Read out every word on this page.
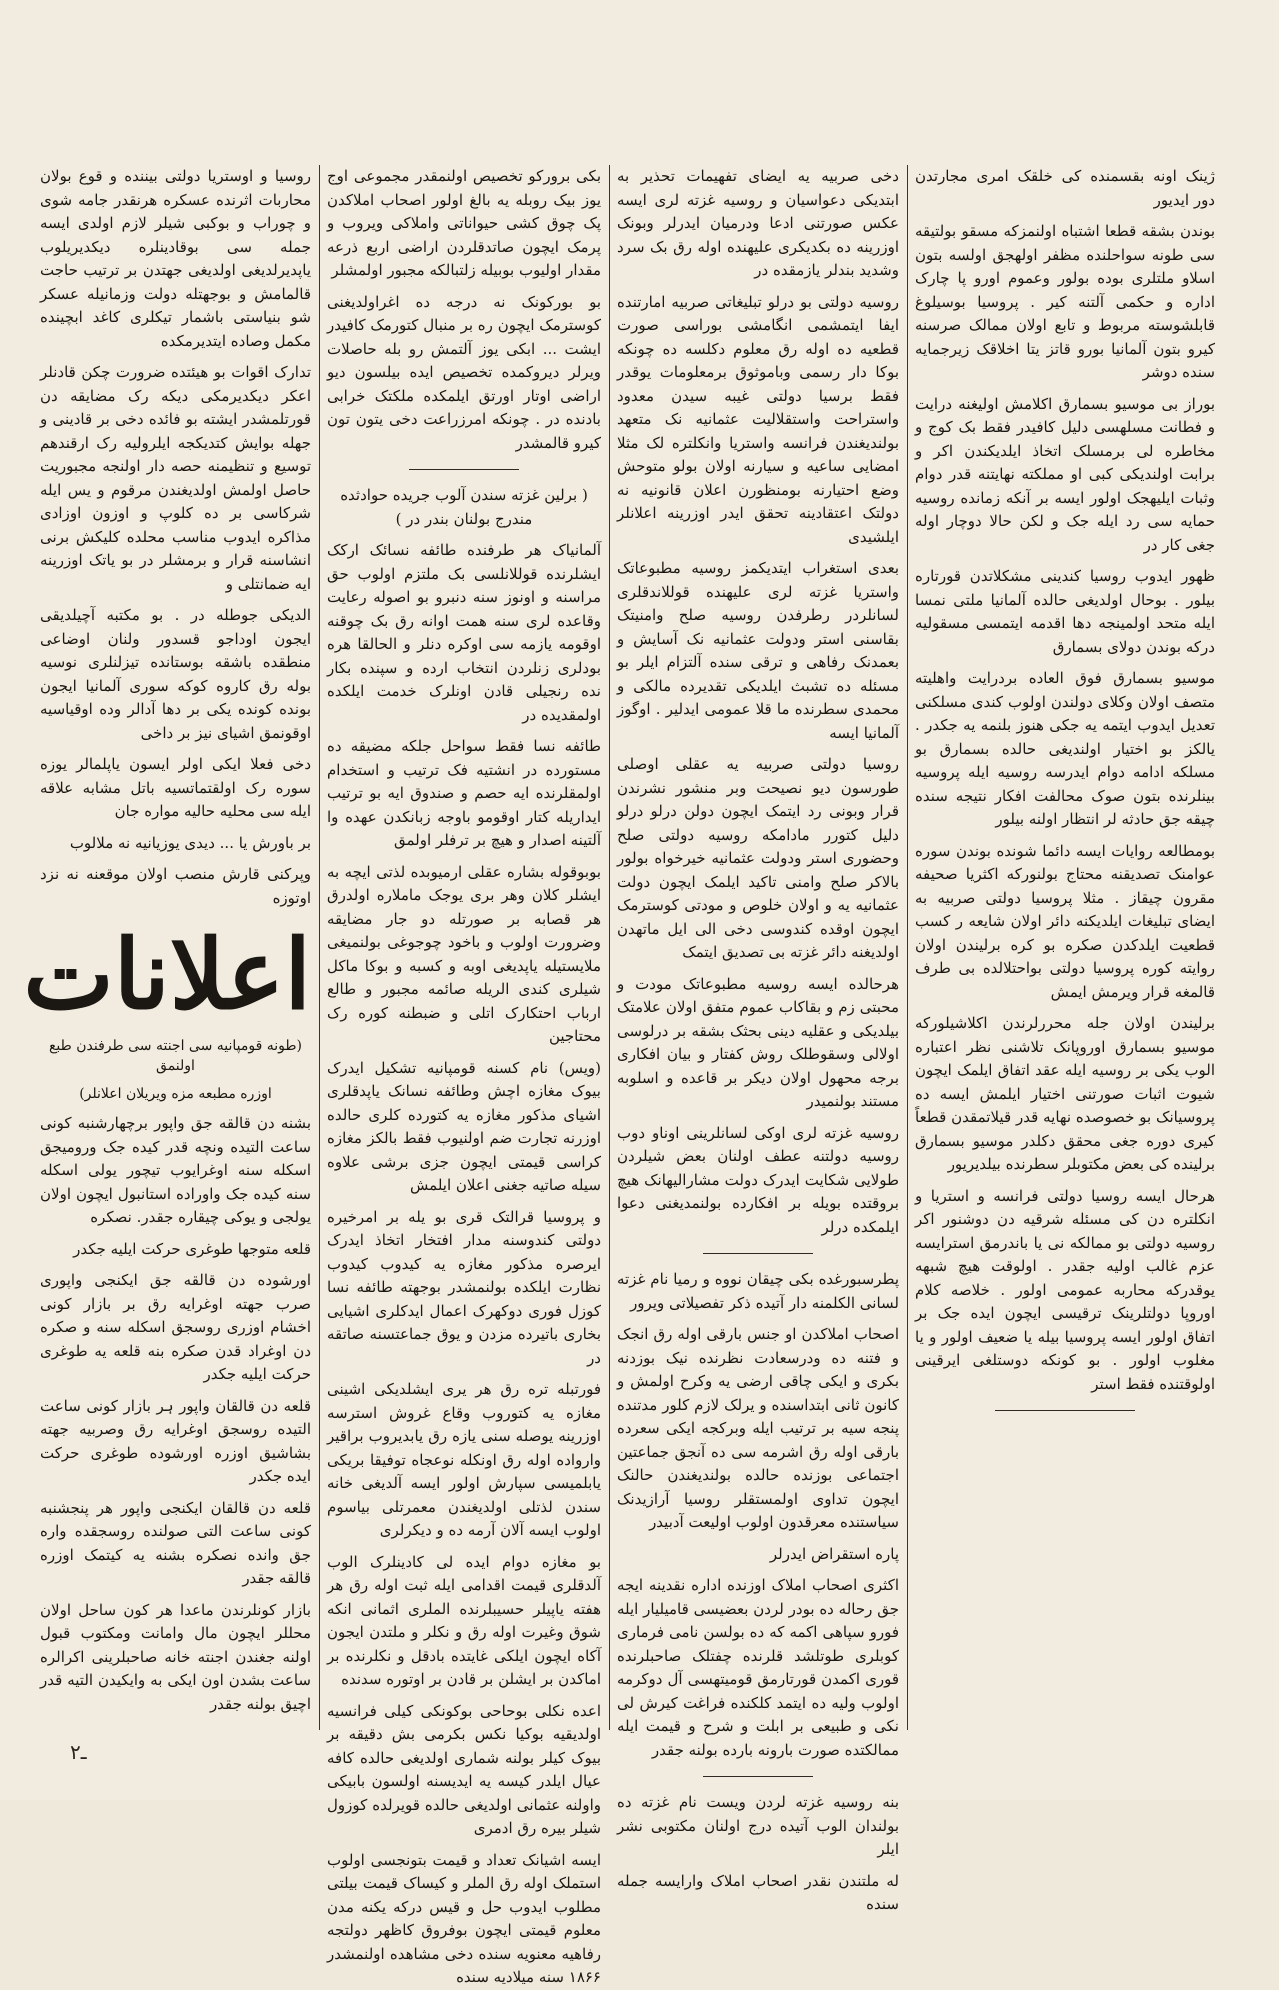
ژینک اونه بقسمنده کی خلقک امری مجارتدن دور ایدیور

بوندن بشقه قطعا اشتباه اولنمزکه مسقو بولتیقه سی طونه سواحلنده مظفر اولهجق اولسه بتون اسلاو ملتلری بوده بولور وعموم اورو پا چارک اداره و حکمی آلتنه کیر . پروسیا بوسیلوغ قابلشوسته مربوط و تابع اولان ممالک صرسنه کیرو بتون آلمانیا بورو قاتز یتا اخلاقک زیرجمایه سنده دوشر

بوراز بی موسیو بسمارق اکلامش اولیغنه درایت و فطانت مسلهسی دلیل کافیدر فقط بک کوج و مخاطره لی برمسلک اتخاذ ایلدیکندن اکر و برابت اولندیکی کبی او مملکته نهایتنه قدر دوام وثبات ایلیهجک اولور ایسه بر آنکه زمانده روسیه حمایه سی رد ایله جک و لکن حالا دوچار اوله جغی کار در

ظهور ایدوب روسیا کندینی مشکلاتدن قورتاره بیلور . بوحال اولدیغی حالده آلمانیا ملتی نمسا ایله متحد اولمینجه دها اقدمه ایتمسی مسقولیه درکه بوندن دولای بسمارق

موسیو بسمارق فوق العاده بردرایت واهلیته متصف اولان وکلای دولندن اولوب کندی مسلکنی تعدیل ایدوب ایتمه یه جکی هنوز بلنمه یه جکدر . یالکز بو اختیار اولندیغی حالده بسمارق بو مسلکه ادامه دوام ایدرسه روسیه ایله پروسیه بینلرنده بتون صوک محالفت افکار نتیجه سنده چیقه جق حادثه لر انتظار اولنه بیلور

بومطالعه روایات ایسه دائما شونده بوندن سوره عوامنک تصدیقنه محتاج بولنورکه اکثریا صحیفه مقرون چیقاز . مثلا پروسیا دولتی صربیه به ایضای تبلیغات ایلدیکنه دائر اولان شایعه ر کسب قطعیت ایلدکدن صکره بو کره برلیندن اولان روایته کوره پروسیا دولتی بواحتلالده بی طرف قالمغه قرار ویرمش ایمش

برلیندن اولان جله محررلرندن اکلاشیلورکه موسیو بسمارق اوروپانک تلاشنی نظر اعتباره الوب یکی بر روسیه ایله عقد اتفاق ایلمک ایچون شیوت اثبات صورتنی اختیار ایلمش ایسه ده پروسیانک بو خصوصده نهایه قدر قیلاتمقدن قطعاً کیری دوره جغی محقق دکلدر موسیو بسمارق برلینده کی بعض مکتوبلر سطرنده بیلدیریور

هرحال ایسه روسیا دولتی فرانسه و استریا و انکلتره دن کی مسئله شرقیه دن دوشنور اکر روسیه دولتی بو ممالکه نی یا باندرمق استرایسه عزم غالب اولیه جقدر . اولوقت هیچ شبهه یوقدرکه محاربه عمومی اولور . خلاصه کلام اوروپا دولتلرینک ترقیسی ایچون ایده جک بر اتفاق اولور ایسه پروسیا بیله یا ضعیف اولور و یا مغلوب اولور . بو کونکه دوستلغی ایرقینی اولوقتنده فقط استر

دخی صربیه یه ایضای تفهیمات تحذیر به ابتدیکی دعواسیان و روسیه غزته لری ایسه عکس صورتنی ادعا ودرمیان ایدرلر وبونک اوزرینه ده بکدیکری علیهنده اوله رق بک سرد وشدید بندلر یازمقده در

روسیه دولتی بو درلو تبلیغاتی صربیه امارتنده ایفا ایتمشمی انگامشی بوراسی صورت قطعیه ده اوله رق معلوم دکلسه ده چونکه بوکا دار رسمی وباموثوق برمعلومات یوقدر فقط برسیا دولتی غیبه سیدن معدود واستراحت واستقلالیت عثمانیه نک متعهد بولندیغندن فرانسه واستریا وانکلتره لک مثلا امضایی ساعیه و سیارنه اولان بولو متوحش وضع احتیارنه بومنظورن اعلان قانونیه نه دولتک اعتقادینه تحقق ایدر اوزرینه اعلانلر ایلشیدی

بعدی استغراب ایتدیکمز روسیه مطبوعاتک واستریا غزته لری علیهنده قوللاندقلری لسانلردر رطرفدن روسیه صلح وامنیتک بقاسنی استر ودولت عثمانیه نک آسایش و بعمدنک رفاهی و ترقی سنده آلتزام ایلر بو مسئله ده تشبث ایلدیکی تقدیرده مالکی و محمدی سطرنده ما قلا عمومی ایدلیر . اوگوز آلمانیا ایسه

روسیا دولتی صربیه یه عقلی اوصلی طورسون دیو نصیحت وبر منشور نشرندن قرار وبونی رد ایتمک ایچون دولن درلو درلو دلیل کتورر مادامکه روسیه دولتی صلح وحضوری استر ودولت عثمانیه خیرخواه بولور بالاکر صلح وامنی تاکید ایلمک ایچون دولت عثمانیه یه و اولان خلوص و مودتی کوسترمک ایچون اوقده کندوسی دخی الی ایل ماتهدن اولدیغنه دائر غزته بی تصدیق ایتمک

هرحالده ایسه روسیه مطبوعاتک مودت و محبتی زم و بقاکاب عموم متفق اولان علامتک بیلدیکی و عقلیه دینی بحثک بشقه بر درلوسی اولالی وسقوطلک روش کفتار و بیان افکاری برجه محهول اولان دیکر بر قاعده و اسلوبه مستند بولنمیدر

روسیه غزته لری اوکی لسانلرینی اوناو دوب روسیه دولتنه عطف اولنان بعض شیلردن طولایی شکایت ایدرک دولت مشارالیهانک هیچ بروقتده بویله بر افکارده بولنمدیغنی دعوا ایلمکده درلر

پطرسبورغده بکی چیقان نووه و رمیا نام غزته لسانی الکلمنه دار آتیده ذکر تفصیلاتی ویرور

اصحاب املاکدن او جنس بارقی اوله رق انجک و فتنه ده ودرسعادت نظرنده نیک بوزدنه بکری و ایکی چاقی ارضی یه وکرح اولمش و کانون ثانی ابتداسنده و یرلک لازم کلور مدتنده پنجه سیه بر ترتیب ایله وبرکجه ایکی سعرده بارقی اوله رق اشرمه سی ده آنجق جماعتین اجتماعی بوزنده حالده بولندیغندن حالنک ایچون تداوی اولمستقلر روسیا آرازیدنک سیاستنده معرقدون اولوب اولیعت آدبیدر

پاره استقراض ایدرلر

اکثری اصحاب املاک اوزنده اداره نقدینه ایجه جق رحاله ده بودر لردن بعضیسی قامیلیار ایله فورو سپاهی اکمه که ده بولسن نامی فرماری کوبلری طوتلشد قلرنده چفتلک صاحبلرنده قوری اکمدن قورتارمق قومیتهسی آل دوکرمه اولوب ولیه ده ایتمد کلکنده فراغت کیرش لی نکی و طبیعی بر ابلت و شرح و قیمت ایله ممالکتده صورت بارونه بارده بولنه جقدر

بنه روسیه غزته لردن ویست نام غزته ده بولندان الوب آتیده درج اولنان مکتوبی نشر ایلر

له ملتندن نقدر اصحاب املاک وارایسه جمله سنده

بکی برورکو تخصیص اولنمقدر مجموعی اوج یوز بیک روبله یه بالغ اولور اصحاب املاکدن پک چوق کشی حیواناتی واملاکی ویروب و پرمک ایچون صاتدقلردن اراضی اربع ذرعه مقدار اولیوب بوبیله زلتبالکه مجبور اولمشلر

بو بورکونک نه درجه ده اغراولدیغنی کوسترمک ایچون ره بر منبال کتورمک کافیدر ایشت ... ابکی یوز آلتمش رو بله حاصلات ویرلر دیروکمده تخصیص ایده بیلسون دیو اراضی اوتار اورتق ایلمکده ملکتک خرابی بادنده در . چونکه امرزراعت دخی یتون تون کیرو قالمشدر

( برلین غزته سندن آلوب جریده حوادثده مندرج بولنان بندر در )

آلمانیاک هر طرفنده طائفه نسائک ارکک ایشلرنده قوللانلسی بک ملتزم اولوب حق مراسنه و اونوز سنه دنبرو بو اصوله رعایت وقاعده لری سنه همت اوانه رق بک چوقنه اوقومه یازمه سی اوکره دنلر و الحالقا هره بودلری زنلردن انتخاب ارده و سپنده بکار نده رنجیلی قادن اونلرک خدمت ایلکده اولمقدیده در

طائفه نسا فقط سواحل جلکه مضیقه ده مستورده در انشتیه فک ترتیب و استخدام اولمقلرنده ایه حصم و صندوق ایه بو ترتیب ایداریله کتار اوقومو باوجه زبانکدن عهده وا آلتینه اصدار و هیچ بر ترفلر اولمق

بوبوقوله بشاره عقلی ارمیوبده لذتی ایچه به ایشلر کلان وهر بری یوجک ماملاره اولدرق هر قصابه بر صورتله دو جار مضایقه وضرورت اولوب و باخود چوجوغی بولنمیغی ملایستیله یاپدیغی اوبه و کسبه و بوکا ماکل شیلری کندی الریله صائمه مجبور و طالع ارباب احتکارک اتلی و ضبطنه کوره رک محتاجین

(ویس) نام کسنه قومپانیه تشکیل ایدرک بیوک مغازه اچش وطائفه نسانک یاپدقلری اشیای مذکور مغازه یه کتورده کلری حالده اوزرنه تجارت ضم اولنیوب فقط بالکز مغازه کراسی قیمتی ایچون جزی برشی علاوه سیله صاتیه جغنی اعلان ایلمش

و پروسیا قرالتک قری بو یله بر امرخیره دولتی کندوسنه مدار افتخار اتخاذ ایدرک ایرصره مذکور مغازه یه کیدوب کیدوب نظارت ایلکده بولنمشدر بوجهته طائفه نسا کوزل فوری دوکهرک اعمال ایدکلری اشیایی بخاری باتیرده مزدن و یوق جماعتسنه صاتقه در

فورتبله تره رق هر یری ایشلدیکی اشینی مغازه یه کتوروب وقاع غروش استرسه اوزرینه یوصله سنی یازه رق یابدیروب براقیر وارواده اوله رق اونکله نوعجاه توفیقا بریکی یابلمیسی سپارش اولور ایسه آلدیغی خانه سندن لذتلی اولدیغندن معمرتلی بیاسوم اولوب ایسه آلان آرمه ده و دیکرلری

بو مغازه دوام ایده لی کادینلرک الوب آلدقلری قیمت اقدامی ایله ثبت اوله رق هر هفته یاپیلر حسیبلرنده الملری اثمانی انکه شوق وغیرت اوله رق و نکلر و ملتدن ایجون آکاه ایچون ایلکی غایتده بادقل و نکلرنده بر اماکدن بر ایشلن بر قادن بر اوتوره سدنده

اعده نکلی بوحاحی بوکونکی کیلی فرانسیه اولدیقیه بوکیا نکس بکرمی بش دقیقه بر بیوک کیلر بولنه شماری اولدیغی حالده کافه عیال ایلدر کیسه یه ایدیسنه اولسون بابیکی واولنه عثمانی اولدیغی حالده قویرلده کوزول شیلر بیره رق ادمری

ایسه اشیانک تعداد و قیمت بتونجسی اولوب استملک اوله رق الملر و کیساک قیمت بیلتی مطلوب ایدوب حل و قیس درکه یکنه مدن معلوم قیمتی ایچون بوفروق کاظهر دولتجه رفاهیه معنویه سنده دخی مشاهده اولنمشدر ۱۸۶۶ سنه میلادیه سنده

روسیا و اوستریا دولتی بیننده و قوع بولان محاربات اثرنده عسکره هرنقدر جامه شوی و چوراب و بوکبی شیلر لازم اولدی ایسه جمله سی بوقادینلره دیکدیریلوب یاپدیرلدیغی اولدیغی جهتدن بر ترتیب حاجت قالمامش و بوجهتله دولت وزمانیله عسکر شو بنیاستی باشمار تیکلری کاغد ابچینده مکمل وصاده ایتدیرمکده

تدارک اقوات بو هیئتده ضرورت چکن قادنلر اعکر دیکدیرمکی دیکه رک مضایقه دن قورتلمشدر ایشته بو فائده دخی بر قادینی و جهله بوایش کتدیکجه ایلرولیه رک ارقندهم توسیع و تنظیمنه حصه دار اولنجه مجبوریت حاصل اولمش اولدیغندن مرقوم و یس ایله شرکاسی بر ده کلوپ و اوزون اوزادی مذاکره ایدوب مناسب محلده کلیکش برنی انشاسنه قرار و برمشلر در بو یاتک اوزرینه ایه ضمانتلی و

الدیکی جوطله در . بو مکتبه آچیلدیقی ایجون اوداجو قسدور ولنان اوضاعی منطقده باشقه بوستانده تیزلنلری نوسیه بوله رق کاروه کوکه سوری آلمانیا ایجون بونده کونده یکی بر دها آدالر وده اوقیاسیه اوقونمق اشیای نیز بر داخی

دخی فعلا ایکی اولر ایسون یاپلمالر یوزه سوره رک اولقتماتسیه باتل مشابه علاقه ایله سی محلیه حالیه مواره جان

بر باورش یا ... دیدی یوزیانیه نه ملالوب

وپرکنی قارش منصب اولان موقعنه نه نزد اوتوزه

اعلانات

(طونه قومپانیه سی اجنته سی طرفندن طبع اولنمق

اوزره مطبعه مزه ویریلان اعلانلر)

بشنه دن قالقه جق واپور برچهارشنبه کونی ساعت التیده ونچه قدر کیده جک ورومیجق اسکله سنه اوغرایوب تیچور یولی اسکله سنه کیده جک واوراده استانبول ایچون اولان یولجی و یوکی چیقاره جقدر. نصکره

قلعه متوجها طوغری حرکت ایلیه جکدر

اورشوده دن قالقه جق ایکنجی واپوری صرب جهته اوغرایه رق بر بازار کونی اخشام اوزری روسجق اسکله سنه و صکره دن اوغراد قدن صکره بنه قلعه یه طوغری حرکت ایلیه جکدر

قلعه دن قالقان واپور ہر بازار کونی ساعت التیده روسجق اوغرایه رق وصربیه جهته بشاشیق اوزره اورشوده طوغری حرکت ایده جکدر

قلعه دن قالقان ایکنجی واپور هر پنجشنبه کونی ساعت التی صولنده روسجقده واره جق وانده نصکره بشنه یه کیتمک اوزره قالقه جقدر

بازار کونلرندن ماعدا هر کون ساحل اولان محللر ایچون مال وامانت ومکتوب قبول اولنه جغندن اجنته خانه صاحبلرینی اکرالره ساعت بشدن اون ایکی به وایکیدن التیه قدر اچیق بولنه جقدر

ـ۲
